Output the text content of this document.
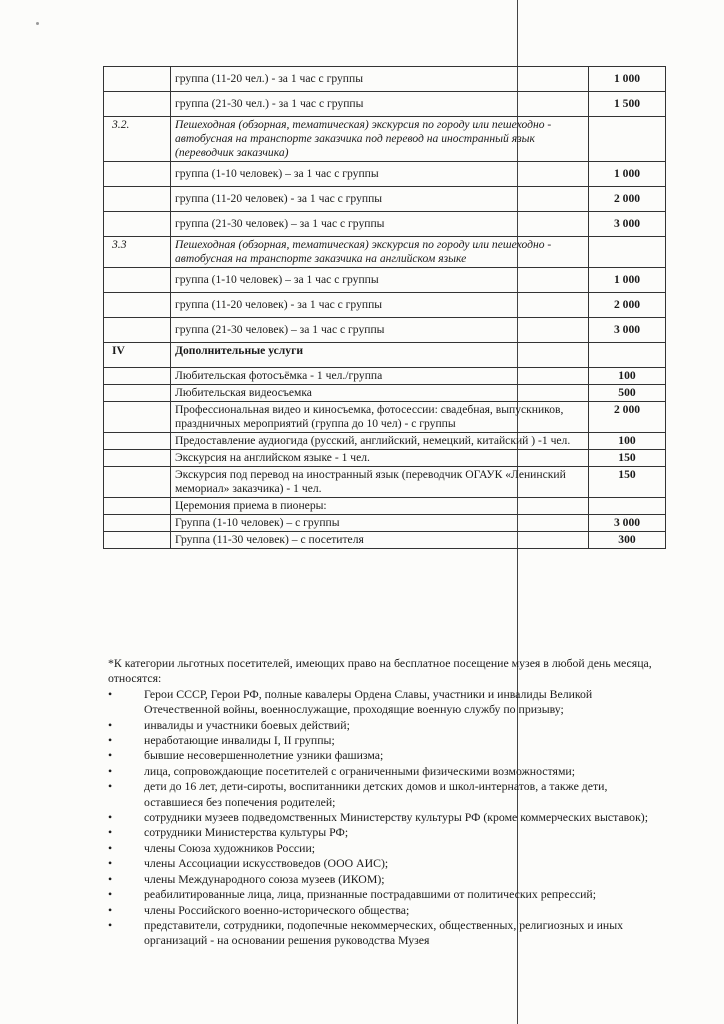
	группа (11-20 чел.) - за 1 час с группы	1 000
	группа (21-30 чел.) - за 1 час с группы	1 500
3.2.	Пешеходная (обзорная, тематическая) экскурсия по городу или пешеходно - автобусная на транспорте заказчика под перевод на иностранный язык (переводчик заказчика)	
	группа (1-10 человек) – за 1 час с группы	1 000
	группа (11-20 человек) - за 1 час с группы	2 000
	группа (21-30 человек) – за 1 час с группы	3 000
3.3	Пешеходная (обзорная, тематическая) экскурсия по городу или пешеходно - автобусная на транспорте заказчика на английском языке	
	группа (1-10 человек) – за 1 час с группы	1 000
	группа (11-20 человек) - за 1 час с группы	2 000
	группа (21-30 человек) – за 1 час с группы	3 000
IV	Дополнительные услуги	
	Любительская фотосъёмка - 1 чел./группа	100
	Любительская видеосъемка	500
	Профессиональная видео и киносъемка, фотосессии: свадебная, выпускников, праздничных мероприятий (группа до 10 чел) - с группы	2 000
	Предоставление аудиогида (русский, английский, немецкий, китайский ) -1 чел.	100
	Экскурсия на английском языке - 1 чел.	150
	Экскурсия под перевод на иностранный язык (переводчик ОГАУК «Ленинский мемориал» заказчика) - 1 чел.	150
	Церемония приема в пионеры:	
	Группа (1-10 человек) – с группы	3 000
	Группа (11-30 человек) – с посетителя	300

*К категории льготных посетителей, имеющих право на бесплатное посещение музея в любой день месяца, относятся:

•	Герои СССР, Герои РФ, полные кавалеры Ордена Славы, участники и инвалиды Великой Отечественной войны, военнослужащие, проходящие военную службу по призыву;
•	инвалиды и участники боевых действий;
•	неработающие инвалиды I, II группы;
•	бывшие несовершеннолетние узники фашизма;
•	лица, сопровождающие посетителей с ограниченными физическими возможностями;
•	дети до 16 лет, дети-сироты, воспитанники детских домов и школ-интернатов, а также дети, оставшиеся без попечения родителей;
•	сотрудники музеев подведомственных Министерству культуры РФ (кроме коммерческих выставок);
•	сотрудники Министерства культуры РФ;
•	члены Союза художников России;
•	члены Ассоциации искусствоведов (ООО АИС);
•	члены Международного союза музеев (ИКОМ);
•	реабилитированные лица, лица, признанные пострадавшими от политических репрессий;
•	члены Российского военно-исторического общества;
•	представители, сотрудники, подопечные некоммерческих, общественных, религиозных и иных организаций - на основании решения руководства Музея
